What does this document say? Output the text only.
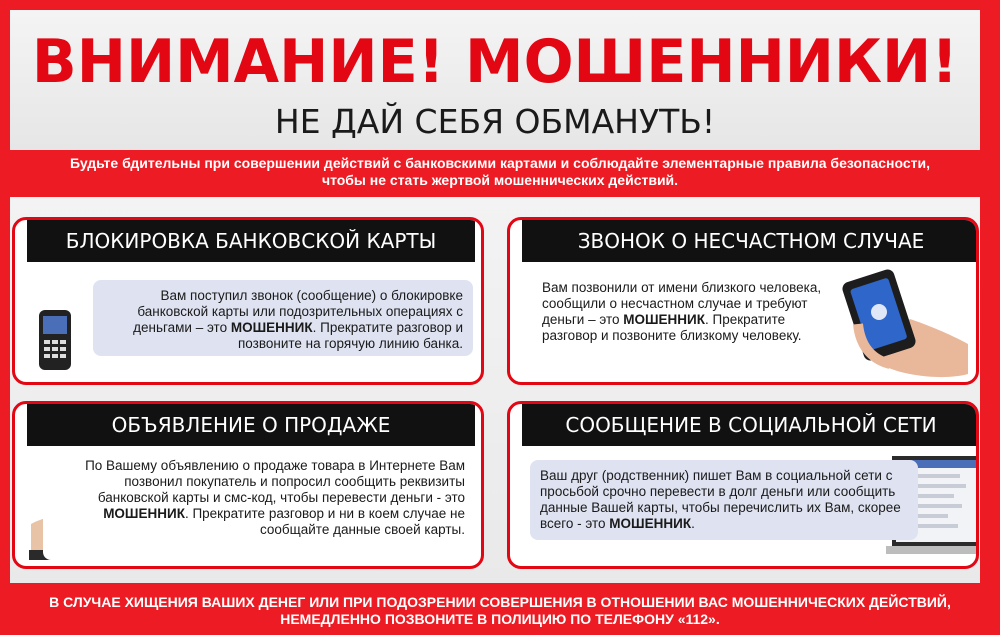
ВНИМАНИЕ! МОШЕННИКИ!
НЕ ДАЙ СЕБЯ ОБМАНУТЬ!
Будьте бдительны при совершении действий с банковскими картами и соблюдайте элементарные правила безопасности,
чтобы не стать жертвой мошеннических действий.
БЛОКИРОВКА БАНКОВСКОЙ КАРТЫ
Вам поступил звонок (сообщение) о блокировке банковской карты или подозрительных операциях с деньгами – это МОШЕННИК. Прекратите разговор и позвоните на горячую линию банка.
ЗВОНОК О НЕСЧАСТНОМ СЛУЧАЕ
Вам позвонили от имени близкого человека, сообщили о несчастном случае и требуют деньги – это МОШЕННИК. Прекратите разговор и позвоните близкому человеку.
ОБЪЯВЛЕНИЕ О ПРОДАЖЕ
По Вашему объявлению о продаже товара в Интернете Вам позвонил покупатель и попросил сообщить реквизиты банковской карты и смс-код, чтобы перевести деньги - это МОШЕННИК. Прекратите разговор и ни в коем случае не сообщайте данные своей карты.
СООБЩЕНИЕ В СОЦИАЛЬНОЙ СЕТИ
Ваш друг (родственник) пишет Вам в социальной сети с просьбой срочно перевести в долг деньги или сообщить данные Вашей карты, чтобы перечислить их Вам, скорее всего - это МОШЕННИК.
В СЛУЧАЕ ХИЩЕНИЯ ВАШИХ ДЕНЕГ ИЛИ ПРИ ПОДОЗРЕНИИ СОВЕРШЕНИЯ В ОТНОШЕНИИ ВАС МОШЕННИЧЕСКИХ ДЕЙСТВИЙ,
НЕМЕДЛЕННО ПОЗВОНИТЕ В ПОЛИЦИЮ ПО ТЕЛЕФОНУ «112».
